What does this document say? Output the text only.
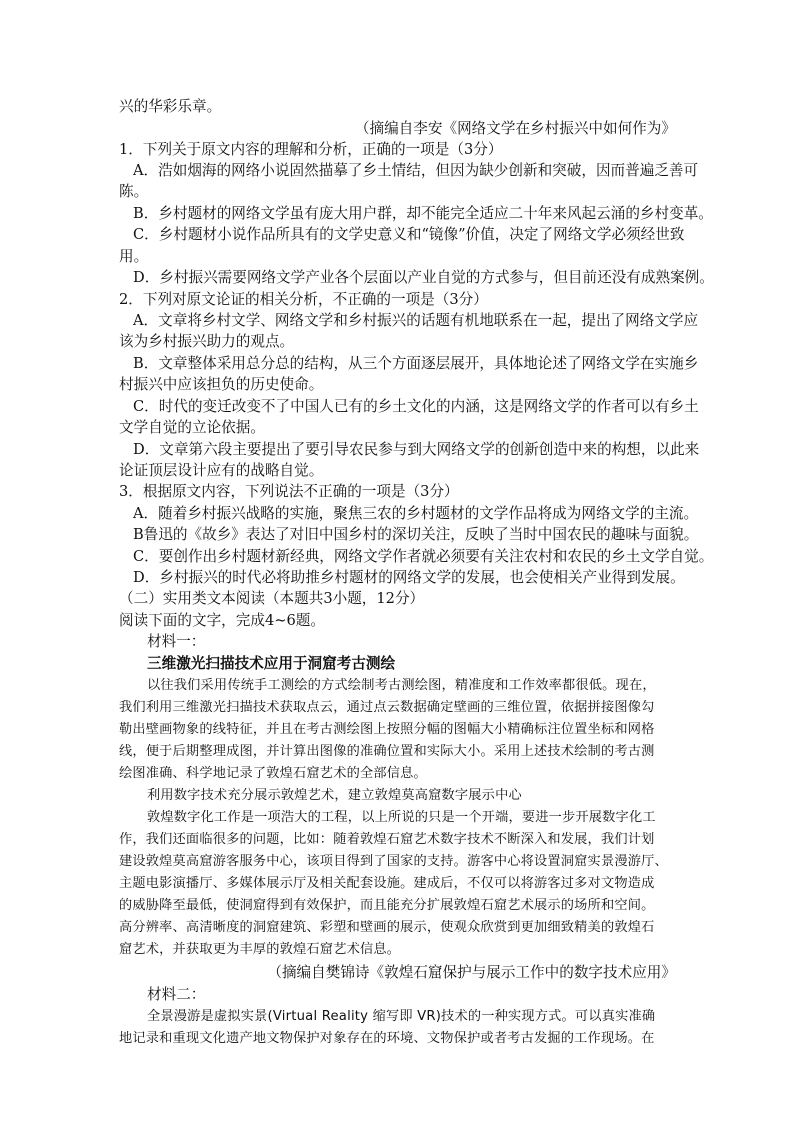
兴的华彩乐章。
（摘编自李安《网络文学在乡村振兴中如何作为》
1．下列关于原文内容的理解和分析，正确的一项是（3分）
A．浩如烟海的网络小说固然描摹了乡土情结，但因为缺少创新和突破，因而普遍乏善可
陈。
B．乡村题材的网络文学虽有庞大用户群，却不能完全适应二十年来风起云涌的乡村变革。
C．乡村题材小说作品所具有的文学史意义和“镜像”价值，决定了网络文学必须经世致
用。
D．乡村振兴需要网络文学产业各个层面以产业自觉的方式参与，但目前还没有成熟案例。
2．下列对原文论证的相关分析，不正确的一项是（3分）
A．文章将乡村文学、网络文学和乡村振兴的话题有机地联系在一起，提出了网络文学应
该为乡村振兴助力的观点。
B．文章整体采用总分总的结构，从三个方面逐层展开，具体地论述了网络文学在实施乡
村振兴中应该担负的历史使命。
C．时代的变迁改变不了中国人已有的乡土文化的内涵，这是网络文学的作者可以有乡土
文学自觉的立论依据。
D．文章第六段主要提出了要引导农民参与到大网络文学的创新创造中来的构想，以此来
论证顶层设计应有的战略自觉。
3．根据原文内容，下列说法不正确的一项是（3分）
A．随着乡村振兴战略的实施，聚焦三农的乡村题材的文学作品将成为网络文学的主流。
B鲁迅的《故乡》表达了对旧中国乡村的深切关注，反映了当时中国农民的趣味与面貌。
C．要创作出乡村题材新经典，网络文学作者就必须要有关注农村和农民的乡土文学自觉。
D．乡村振兴的时代必将助推乡村题材的网络文学的发展，也会使相关产业得到发展。
（二）实用类文本阅读（本题共3小题，12分）
阅读下面的文字，完成4~6题。
材料一：
三维激光扫描技术应用于洞窟考古测绘
以往我们采用传统手工测绘的方式绘制考古测绘图，精准度和工作效率都很低。现在，
我们利用三维激光扫描技术获取点云，通过点云数据确定壁画的三维位置，依据拼接图像勾
勒出壁画物象的线特征，并且在考古测绘图上按照分幅的图幅大小精确标注位置坐标和网格
线，便于后期整理成图，并计算出图像的准确位置和实际大小。采用上述技术绘制的考古测
绘图准确、科学地记录了敦煌石窟艺术的全部信息。
利用数字技术充分展示敦煌艺术，建立敦煌莫高窟数字展示中心
敦煌数字化工作是一项浩大的工程，以上所说的只是一个开端，要进一步开展数字化工
作，我们还面临很多的问题，比如：随着敦煌石窟艺术数字技术不断深入和发展，我们计划
建设敦煌莫高窟游客服务中心，该项目得到了国家的支持。游客中心将设置洞窟实景漫游厅、
主题电影演播厅、多媒体展示厅及相关配套设施。建成后，不仅可以将游客过多对文物造成
的威胁降至最低，使洞窟得到有效保护，而且能充分扩展敦煌石窟艺术展示的场所和空间。
高分辨率、高清晰度的洞窟建筑、彩塑和壁画的展示，使观众欣赏到更加细致精美的敦煌石
窟艺术，并获取更为丰厚的敦煌石窟艺术信息。
（摘编自樊锦诗《敦煌石窟保护与展示工作中的数字技术应用》
材料二：
全景漫游是虚拟实景(Virtual Reality 缩写即 VR)技术的一种实现方式。可以真实准确
地记录和重现文化遗产地文物保护对象存在的环境、文物保护或者考古发掘的工作现场。在
